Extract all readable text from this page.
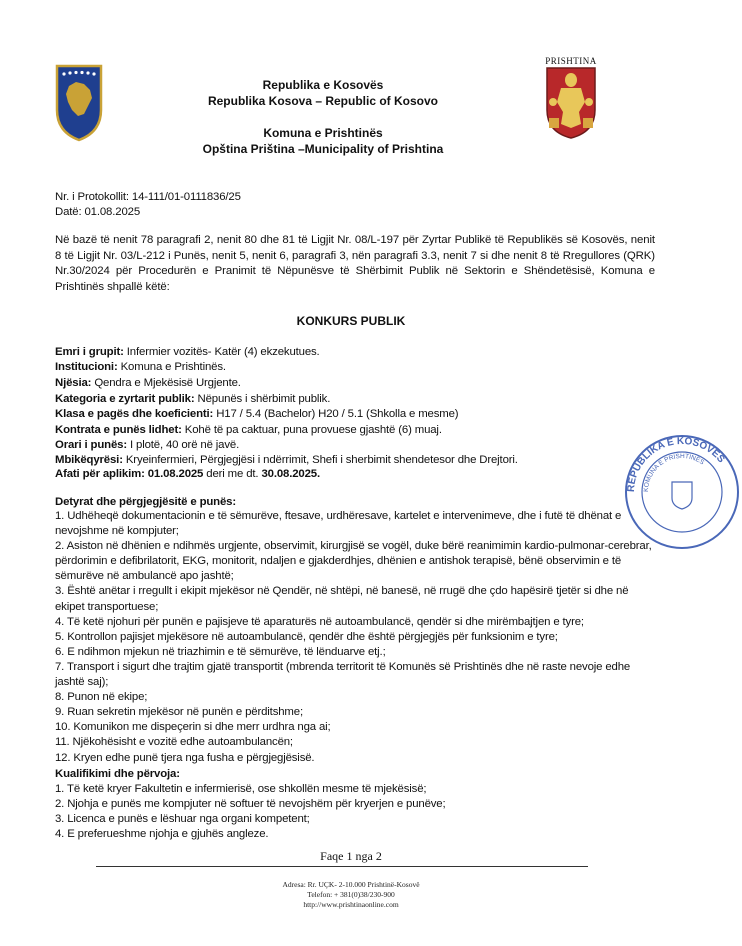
PRISHTINA
Republika e Kosovës
Republika Kosova – Republic of Kosovo
Komuna e Prishtinës
Opština Priština –Municipality of Prishtina
Nr. i Protokollit: 14-111/01-0111836/25
Datë: 01.08.2025
Në bazë të nenit 78 paragrafi 2, nenit 80 dhe 81 të Ligjit Nr. 08/L-197 për Zyrtar Publikë të Republikës së Kosovës, nenit 8 të Ligjit Nr. 03/L-212 i Punës, nenit 5, nenit 6, paragrafi 3, nën paragrafi 3.3, nenit 7 si dhe nenit 8 të Rregullores (QRK) Nr.30/2024 për Procedurën e Pranimit të Nëpunësve të Shërbimit Publik në Sektorin e Shëndetësisë, Komuna e Prishtinës shpallë këtë:
KONKURS PUBLIK
Emri i grupit: Infermier vozitës- Katër (4) ekzekutues.
Institucioni: Komuna e Prishtinës.
Njësia: Qendra e Mjekësisë Urgjente.
Kategoria e zyrtarit publik: Nëpunës i shërbimit publik.
Klasa e pagës dhe koeficienti: H17 / 5.4 (Bachelor) H20 / 5.1 (Shkolla e mesme)
Kontrata e punës lidhet: Kohë të pa caktuar, puna provuese gjashtë (6) muaj.
Orari i punës: I plotë, 40 orë në javë.
Mbikëqyrësi: Kryeinfermieri, Përgjegjësi i ndërrimit, Shefi i sherbimit shendetesor dhe Drejtori.
Afati për aplikim: 01.08.2025 deri me dt. 30.08.2025.
Detyrat dhe përgjegjësitë e punës:
1. Udhëheqë dokumentacionin e të sëmurëve, ftesave, urdhëresave, kartelet e intervenimeve, dhe i futë të dhënat e nevojshme në kompjuter;
2. Asiston në dhënien e ndihmës urgjente, observimit, kirurgjisë se vogël, duke bërë reanimimin kardio-pulmonar-cerebrar, përdorimin e defibrilatorit, EKG, monitorit, ndaljen e gjakderdhjes, dhënien e antishok terapisë, bënë observimin e të sëmurëve në ambulancë apo jashtë;
3. Është anëtar i rregullt i ekipit mjekësor në Qendër, në shtëpi, në banesë, në rrugë dhe çdo hapësirë tjetër si dhe në ekipet transportuese;
4. Të ketë njohuri për punën e pajisjeve të aparaturës në autoambulancë, qendër si dhe mirëmbajtjen e tyre;
5. Kontrollon pajisjet mjekësore në autoambulancë, qendër dhe është përgjegjës për funksionim e tyre;
6. E ndihmon mjekun në triazhimin e të sëmurëve, të lënduarve etj.;
7. Transport i sigurt dhe trajtim gjatë transportit (mbrenda territorit të Komunës së Prishtinës dhe në raste nevoje edhe jashtë saj);
8. Punon në ekipe;
9. Ruan sekretin mjekësor në punën e përditshme;
10. Komunikon me dispeçerin si dhe merr urdhra nga ai;
11. Njëkohësisht e vozitë edhe autoambulancën;
12. Kryen edhe punë tjera nga fusha e përgjegjësisë.
Kualifikimi dhe përvoja:
1. Të ketë kryer Fakultetin e infermierisë, ose shkollën mesme të mjekësisë;
2. Njohja e punës me kompjuter në softuer të nevojshëm për kryerjen e punëve;
3. Licenca e punës e lëshuar nga organi kompetent;
4. E preferueshme njohja e gjuhës angleze.
REPUBLIKA E KOSOVËS
KOMUNA E PRISHTINËS
Faqe 1 nga 2
Adresa: Rr. UÇK- 2-10.000 Prishtinë-Kosovë
Telefon: + 381(0)38/230-900
http://www.prishtinaonline.com
